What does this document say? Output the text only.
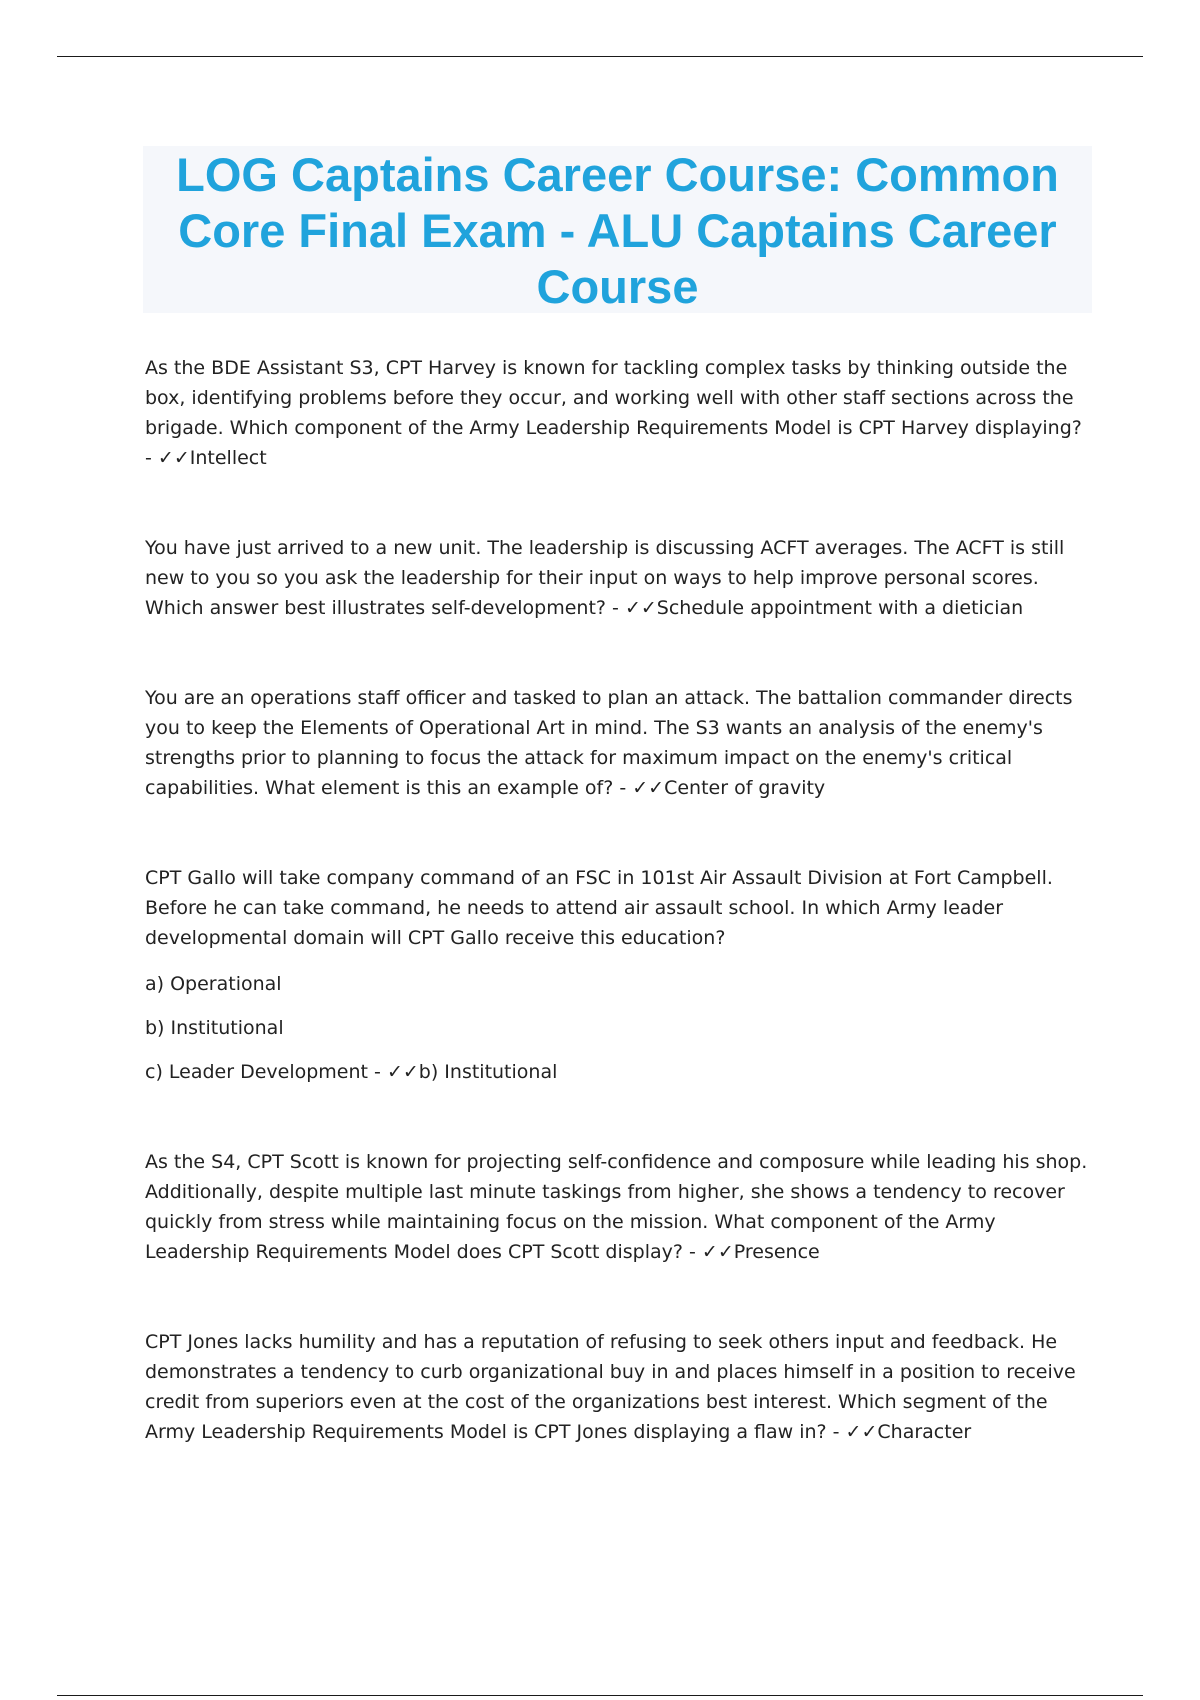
LOG Captains Career Course: Common Core Final Exam - ALU Captains Career Course

As the BDE Assistant S3, CPT Harvey is known for tackling complex tasks by thinking outside the box, identifying problems before they occur, and working well with other staff sections across the brigade. Which component of the Army Leadership Requirements Model is CPT Harvey displaying? - ✓✓Intellect

You have just arrived to a new unit. The leadership is discussing ACFT averages. The ACFT is still new to you so you ask the leadership for their input on ways to help improve personal scores. Which answer best illustrates self-development? - ✓✓Schedule appointment with a dietician

You are an operations staff officer and tasked to plan an attack. The battalion commander directs you to keep the Elements of Operational Art in mind. The S3 wants an analysis of the enemy's strengths prior to planning to focus the attack for maximum impact on the enemy's critical capabilities. What element is this an example of? - ✓✓Center of gravity

CPT Gallo will take company command of an FSC in 101st Air Assault Division at Fort Campbell. Before he can take command, he needs to attend air assault school. In which Army leader developmental domain will CPT Gallo receive this education?

a) Operational

b) Institutional

c) Leader Development - ✓✓b) Institutional

As the S4, CPT Scott is known for projecting self-confidence and composure while leading his shop. Additionally, despite multiple last minute taskings from higher, she shows a tendency to recover quickly from stress while maintaining focus on the mission. What component of the Army Leadership Requirements Model does CPT Scott display? - ✓✓Presence

CPT Jones lacks humility and has a reputation of refusing to seek others input and feedback. He demonstrates a tendency to curb organizational buy in and places himself in a position to receive credit from superiors even at the cost of the organizations best interest. Which segment of the Army Leadership Requirements Model is CPT Jones displaying a flaw in? - ✓✓Character
